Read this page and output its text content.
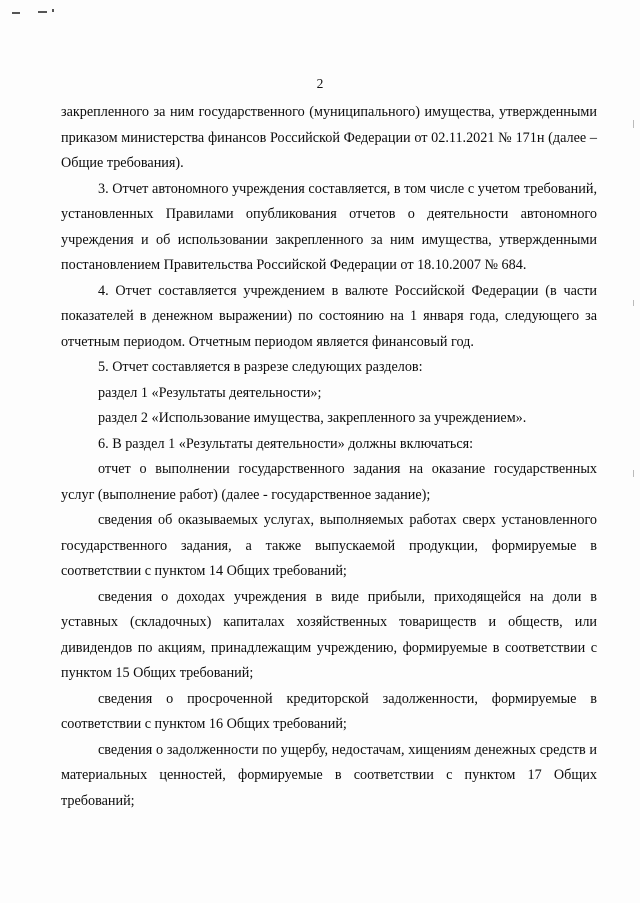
2

закрепленного за ним государственного (муниципального) имущества, утвержденными приказом министерства финансов Российской Федерации от 02.11.2021 № 171н (далее – Общие требования).

3. Отчет автономного учреждения составляется, в том числе с учетом требований, установленных Правилами опубликования отчетов о деятельности автономного учреждения и об использовании закрепленного за ним имущества, утвержденными постановлением Правительства Российской Федерации от 18.10.2007 № 684.

4. Отчет составляется учреждением в валюте Российской Федерации (в части показателей в денежном выражении) по состоянию на 1 января года, следующего за отчетным периодом. Отчетным периодом является финансовый год.

5. Отчет составляется в разрезе следующих разделов:

раздел 1 «Результаты деятельности»;

раздел 2 «Использование имущества, закрепленного за учреждением».

6. В раздел 1 «Результаты деятельности» должны включаться:

отчет о выполнении государственного задания на оказание государственных услуг (выполнение работ) (далее - государственное задание);

сведения об оказываемых услугах, выполняемых работах сверх установленного государственного задания, а также выпускаемой продукции, формируемые в соответствии с пунктом 14 Общих требований;

сведения о доходах учреждения в виде прибыли, приходящейся на доли в уставных (складочных) капиталах хозяйственных товариществ и обществ, или дивидендов по акциям, принадлежащим учреждению, формируемые в соответствии с пунктом 15 Общих требований;

сведения о просроченной кредиторской задолженности, формируемые в соответствии с пунктом 16 Общих требований;

сведения о задолженности по ущербу, недостачам, хищениям денежных средств и материальных ценностей, формируемые в соответствии с пунктом 17 Общих требований;
